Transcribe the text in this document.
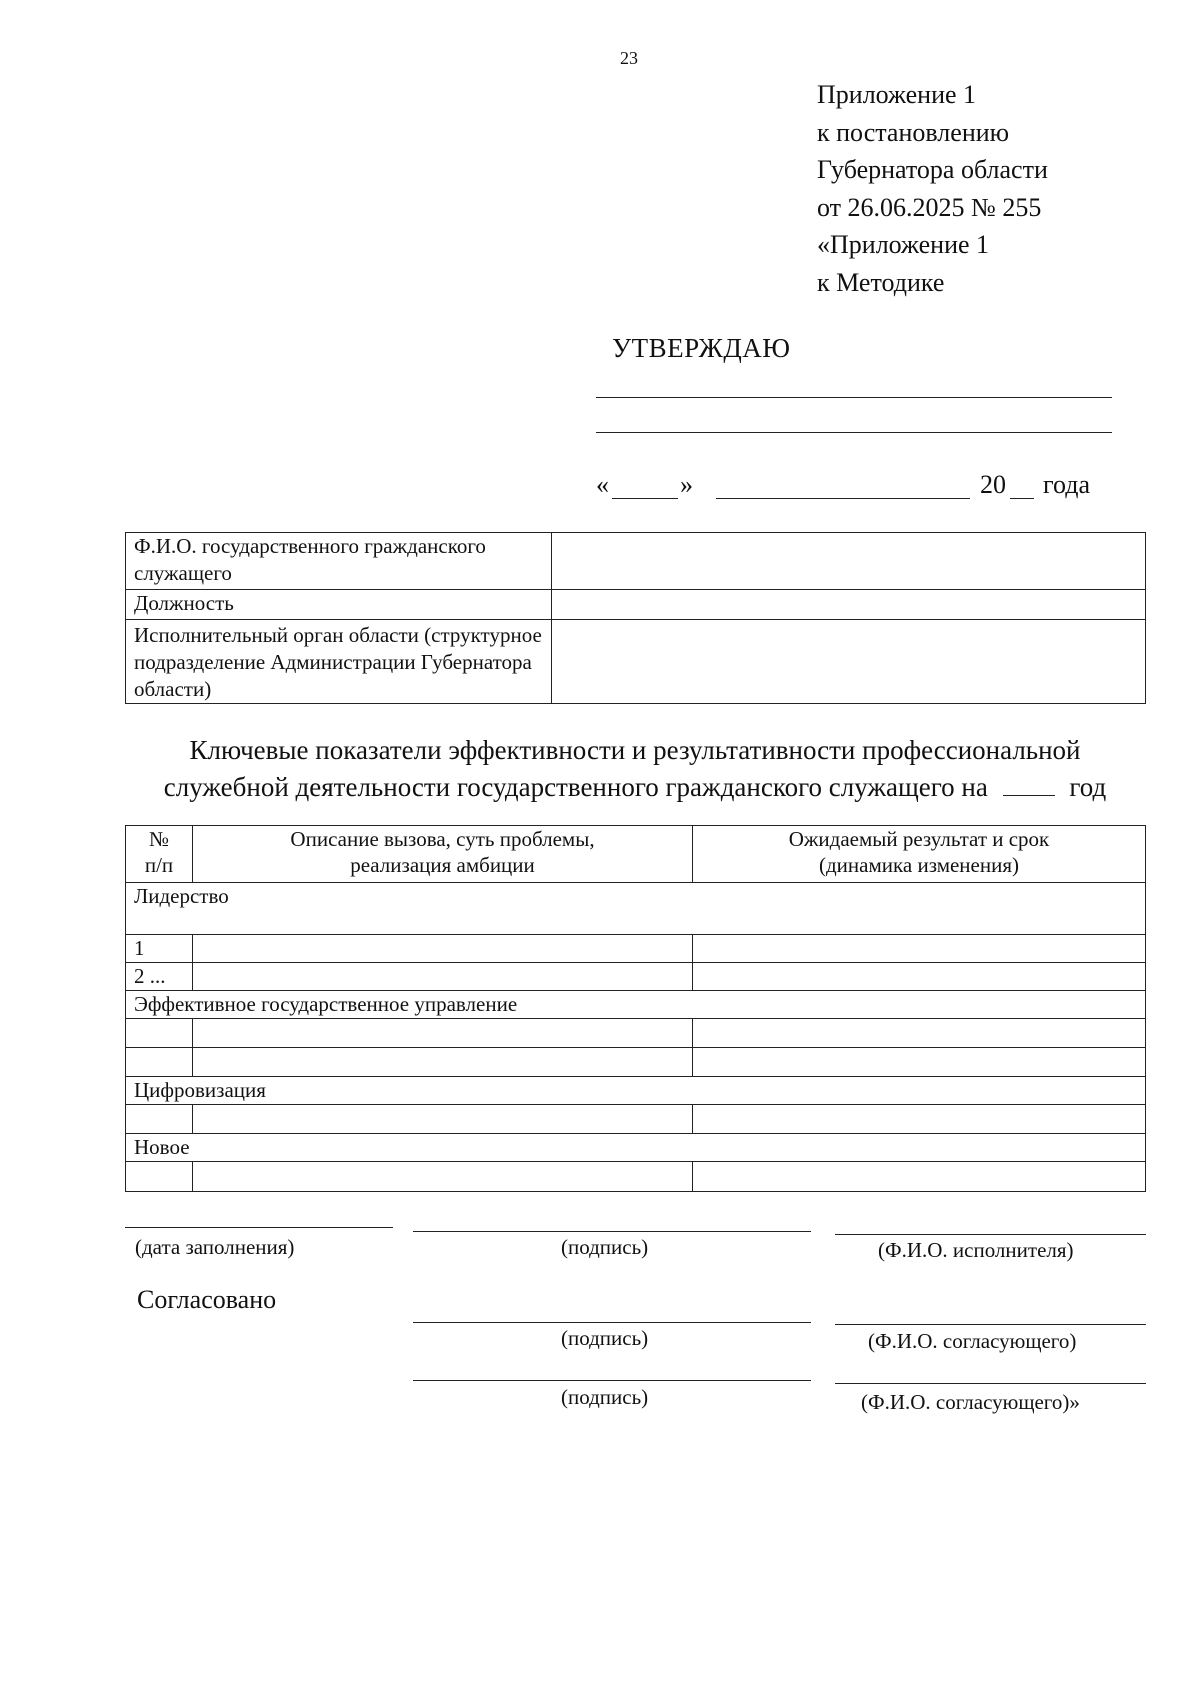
23
Приложение 1
к постановлению
Губернатора области
от 26.06.2025 № 255
«Приложение 1
к Методике
УТВЕРЖДАЮ
«	»	20 года
Ф.И.О. государственного гражданского служащего	
Должность	
Исполнительный орган области (структурное подразделение Администрации Губернатора области)	
Ключевые показатели эффективности и результативности профессиональной
служебной деятельности государственного гражданского служащего на	год
№ п/п	Описание вызова, суть проблемы, реализация амбиции	Ожидаемый результат и срок (динамика изменения)
Лидерство		
1		
2 ...		
Эффективное государственное управление		

Цифровизация		

Новое		

(дата заполнения)	(подпись)	(Ф.И.О. исполнителя)
Согласовано
(подпись)	(Ф.И.О. согласующего)
(подпись)	(Ф.И.О. согласующего)»
